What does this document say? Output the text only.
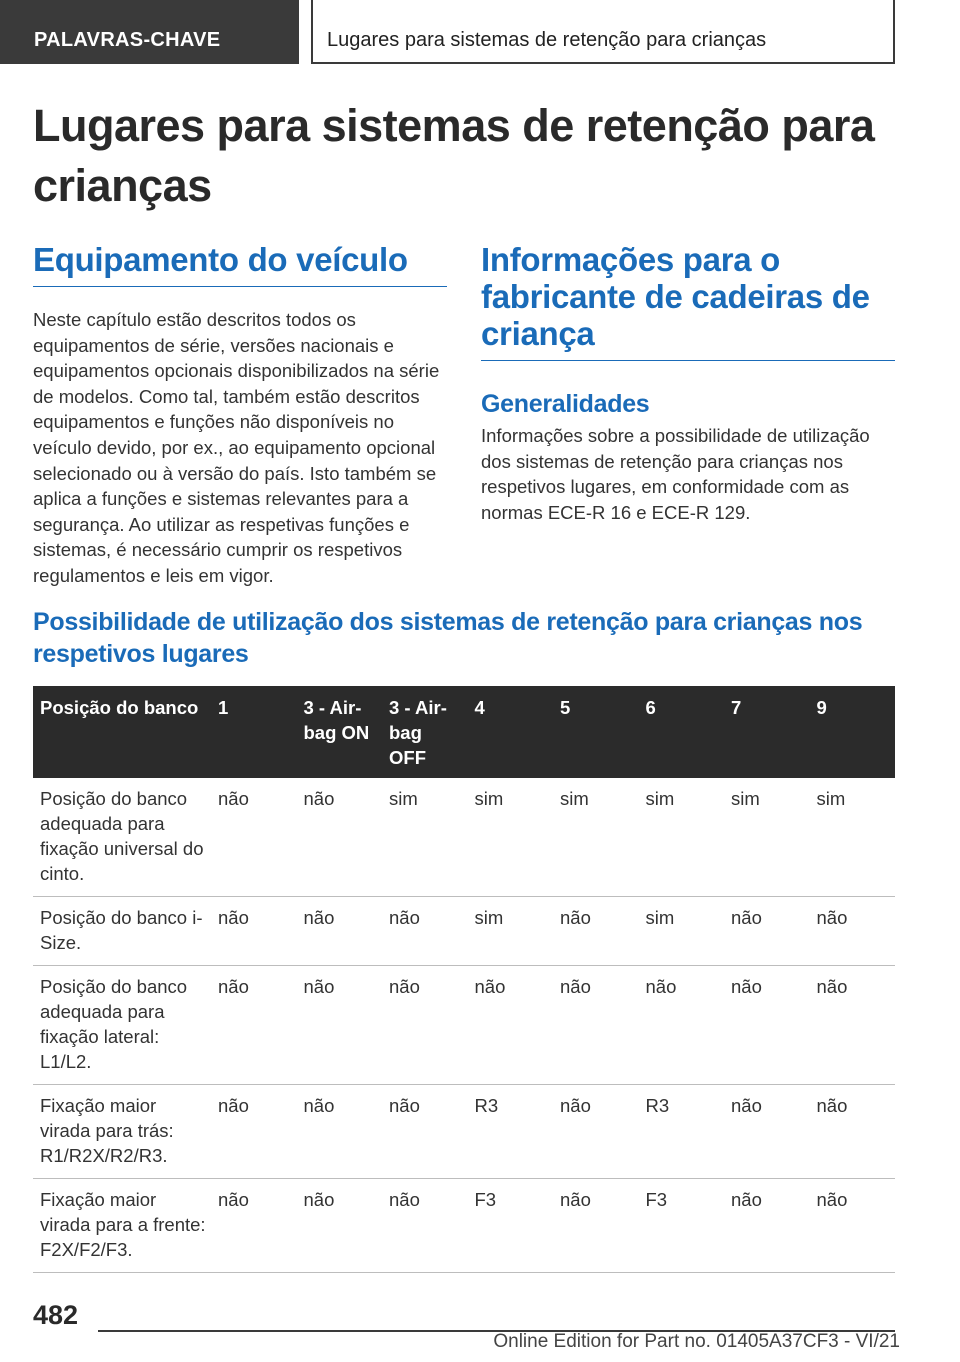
PALAVRAS-CHAVE	Lugares para sistemas de retenção para crianças
Lugares para sistemas de retenção para crianças
Equipamento do veículo

Neste capítulo estão descritos todos os equipamentos de série, versões nacionais e equipamentos opcionais disponibilizados na série de modelos. Como tal, também estão descritos equipamentos e funções não disponíveis no veículo devido, por ex., ao equipamento opcional selecionado ou à versão do país. Isto também se aplica a funções e sistemas relevantes para a segurança. Ao utilizar as respetivas funções e sistemas, é necessário cumprir os respetivos regulamentos e leis em vigor.

Informações para o fabricante de cadeiras de criança
Generalidades

Informações sobre a possibilidade de utilização dos sistemas de retenção para crianças nos respetivos lugares, em conformidade com as normas ECE-R 16 e ECE-R 129.

Possibilidade de utilização dos sistemas de retenção para crianças nos respetivos lugares
Posição do banco	1	3 - Air-bag ON	3 - Air-bag OFF	4	5	6	7	9
Posição do banco adequada para fixação universal do cinto.	não	não	sim	sim	sim	sim	sim	sim
Posição do banco i-Size.	não	não	não	sim	não	sim	não	não
Posição do banco adequada para fixação lateral: L1/L2.	não	não	não	não	não	não	não	não
Fixação maior virada para trás: R1/R2X/R2/R3.	não	não	não	R3	não	R3	não	não
Fixação maior virada para a frente: F2X/F2/F3.	não	não	não	F3	não	F3	não	não
482
Online Edition for Part no. 01405A37CF3 - VI/21
